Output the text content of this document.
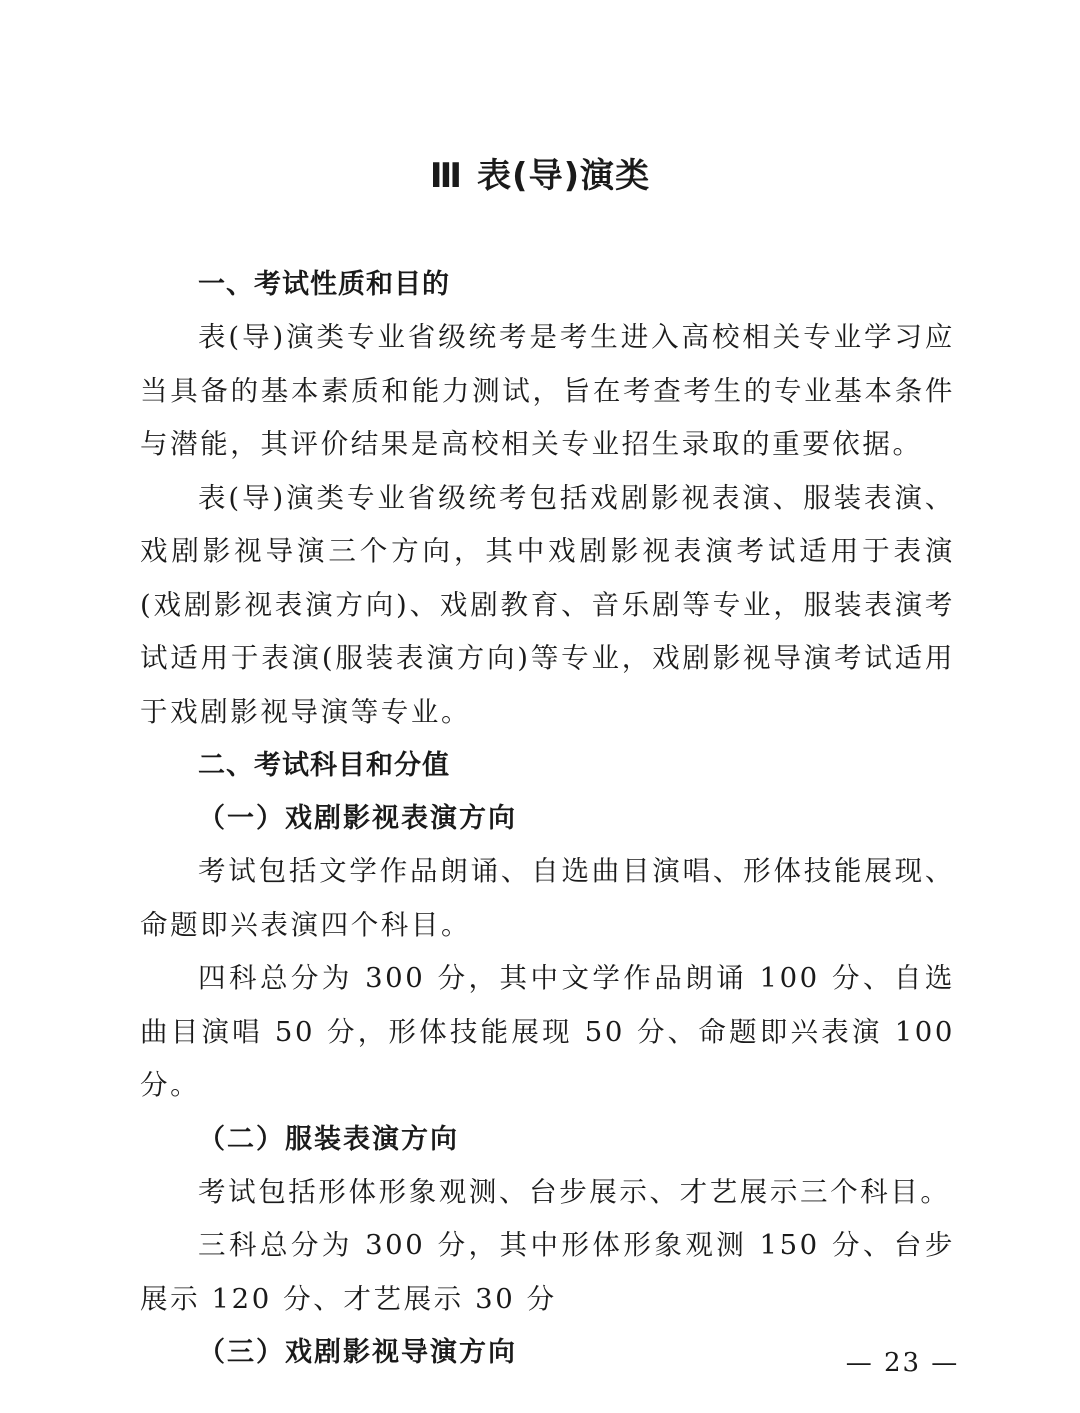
Ⅲ 表(导)演类
一、考试性质和目的

表(导)演类专业省级统考是考生进入高校相关专业学习应当具备的基本素质和能力测试，旨在考查考生的专业基本条件与潜能，其评价结果是高校相关专业招生录取的重要依据。

表(导)演类专业省级统考包括戏剧影视表演、服装表演、戏剧影视导演三个方向，其中戏剧影视表演考试适用于表演(戏剧影视表演方向)、戏剧教育、音乐剧等专业，服装表演考试适用于表演(服装表演方向)等专业，戏剧影视导演考试适用于戏剧影视导演等专业。

二、考试科目和分值
（一）戏剧影视表演方向

考试包括文学作品朗诵、自选曲目演唱、形体技能展现、命题即兴表演四个科目。

四科总分为 300 分，其中文学作品朗诵 100 分、自选曲目演唱 50 分，形体技能展现 50 分、命题即兴表演 100 分。

（二）服装表演方向

考试包括形体形象观测、台步展示、才艺展示三个科目。

三科总分为 300 分，其中形体形象观测 150 分、台步展示 120 分、才艺展示 30 分

（三）戏剧影视导演方向	— 23 —
